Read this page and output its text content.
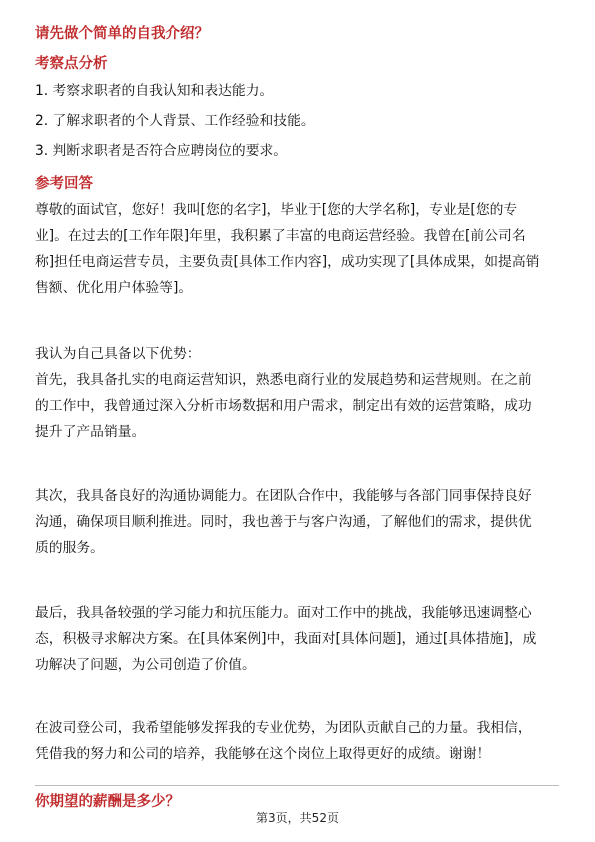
请先做个简单的自我介绍？
考察点分析
1. 考察求职者的自我认知和表达能力。
2. 了解求职者的个人背景、工作经验和技能。
3. 判断求职者是否符合应聘岗位的要求。
参考回答
尊敬的面试官，您好！我叫[您的名字]，毕业于[您的大学名称]，专业是[您的专
业]。在过去的[工作年限]年里，我积累了丰富的电商运营经验。我曾在[前公司名
称]担任电商运营专员，主要负责[具体工作内容]，成功实现了[具体成果，如提高销
售额、优化用户体验等]。
我认为自己具备以下优势：
首先，我具备扎实的电商运营知识，熟悉电商行业的发展趋势和运营规则。在之前
的工作中，我曾通过深入分析市场数据和用户需求，制定出有效的运营策略，成功
提升了产品销量。
其次，我具备良好的沟通协调能力。在团队合作中，我能够与各部门同事保持良好
沟通，确保项目顺利推进。同时，我也善于与客户沟通，了解他们的需求，提供优
质的服务。
最后，我具备较强的学习能力和抗压能力。面对工作中的挑战，我能够迅速调整心
态，积极寻求解决方案。在[具体案例]中，我面对[具体问题]，通过[具体措施]，成
功解决了问题，为公司创造了价值。
在波司登公司，我希望能够发挥我的专业优势，为团队贡献自己的力量。我相信，
凭借我的努力和公司的培养，我能够在这个岗位上取得更好的成绩。谢谢！
你期望的薪酬是多少？
第3页，共52页
